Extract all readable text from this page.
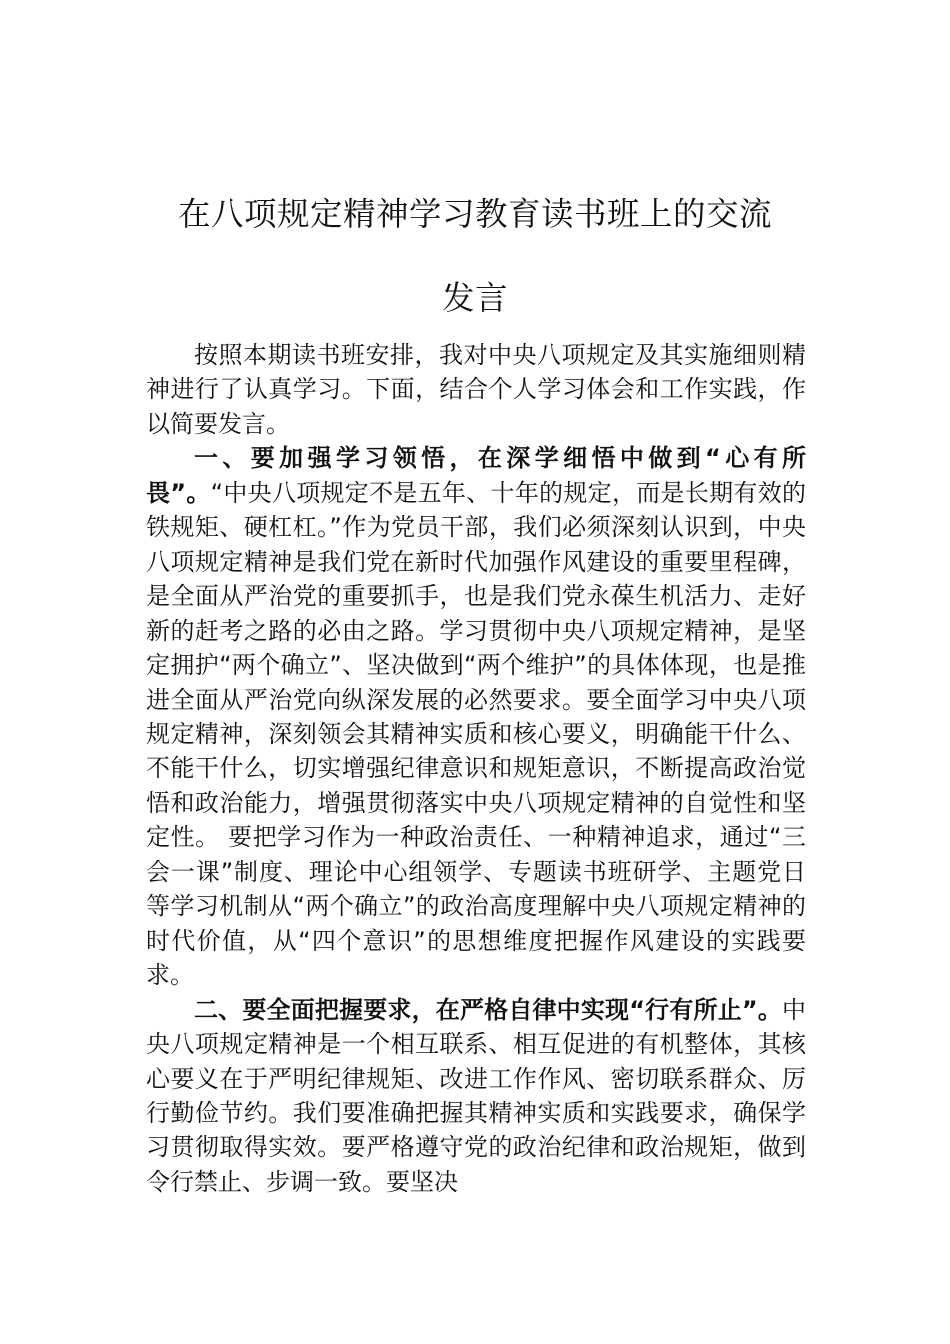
在八项规定精神学习教育读书班上的交流
发言

按照本期读书班安排，我对中央八项规定及其实施细则精神进行了认真学习。下面，结合个人学习体会和工作实践，作以简要发言。

一、要加强学习领悟，在深学细悟中做到“心有所畏”。“中央八项规定不是五年、十年的规定，而是长期有效的铁规矩、硬杠杠。”作为党员干部，我们必须深刻认识到，中央八项规定精神是我们党在新时代加强作风建设的重要里程碑，是全面从严治党的重要抓手，也是我们党永葆生机活力、走好新的赶考之路的必由之路。学习贯彻中央八项规定精神，是坚定拥护“两个确立”、坚决做到“两个维护”的具体体现，也是推进全面从严治党向纵深发展的必然要求。要全面学习中央八项规定精神，深刻领会其精神实质和核心要义，明确能干什么、不能干什么，切实增强纪律意识和规矩意识，不断提高政治觉悟和政治能力，增强贯彻落实中央八项规定精神的自觉性和坚定性。 要把学习作为一种政治责任、一种精神追求，通过“三会一课”制度、理论中心组领学、专题读书班研学、主题党日等学习机制从“两个确立”的政治高度理解中央八项规定精神的时代价值，从“四个意识”的思想维度把握作风建设的实践要求。

二、要全面把握要求，在严格自律中实现“行有所止”。中央八项规定精神是一个相互联系、相互促进的有机整体，其核心要义在于严明纪律规矩、改进工作作风、密切联系群众、厉行勤俭节约。我们要准确把握其精神实质和实践要求，确保学习贯彻取得实效。要严格遵守党的政治纪律和政治规矩，做到令行禁止、步调一致。要坚决
